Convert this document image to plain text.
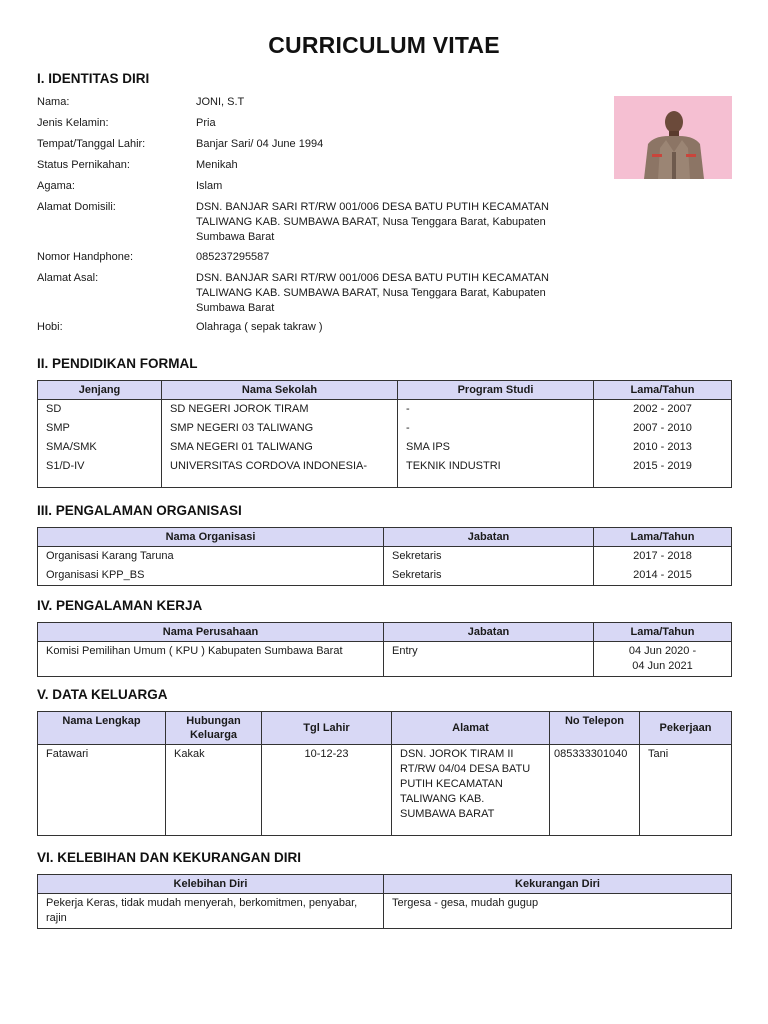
CURRICULUM VITAE
I. IDENTITAS DIRI
Nama:	JONI, S.T
Jenis Kelamin:	Pria
Tempat/Tanggal Lahir:	Banjar Sari/ 04 June 1994
Status Pernikahan:	Menikah
Agama:	Islam
Alamat Domisili:	DSN. BANJAR SARI RT/RW 001/006 DESA BATU PUTIH KECAMATAN TALIWANG KAB. SUMBAWA BARAT, Nusa Tenggara Barat, Kabupaten Sumbawa Barat
Nomor Handphone:	085237295587
Alamat Asal:	DSN. BANJAR SARI RT/RW 001/006 DESA BATU PUTIH KECAMATAN TALIWANG KAB. SUMBAWA BARAT, Nusa Tenggara Barat, Kabupaten Sumbawa Barat
Hobi:	Olahraga ( sepak takraw )
II. PENDIDIKAN FORMAL
Jenjang	Nama Sekolah	Program Studi	Lama/Tahun
SD	SD NEGERI JOROK TIRAM	-	2002 - 2007
SMP	SMP NEGERI 03 TALIWANG	-	2007 - 2010
SMA/SMK	SMA NEGERI 01 TALIWANG	SMA IPS	2010 - 2013
S1/D-IV	UNIVERSITAS CORDOVA INDONESIA-	TEKNIK INDUSTRI	2015 - 2019
III. PENGALAMAN ORGANISASI
Nama Organisasi	Jabatan	Lama/Tahun
Organisasi Karang Taruna	Sekretaris	2017 - 2018
Organisasi KPP_BS	Sekretaris	2014 - 2015
IV. PENGALAMAN KERJA
Nama Perusahaan	Jabatan	Lama/Tahun
Komisi Pemilihan Umum ( KPU ) Kabupaten Sumbawa Barat	Entry	04 Jun 2020 -
04 Jun 2021
V. DATA KELUARGA
Nama Lengkap	Hubungan Keluarga	Tgl Lahir	Alamat	No Telepon	Pekerjaan
Fatawari	Kakak	10-12-23	DSN. JOROK TIRAM II RT/RW 04/04 DESA BATU PUTIH KECAMATAN TALIWANG KAB. SUMBAWA BARAT	085333301040	Tani
VI. KELEBIHAN DAN KEKURANGAN DIRI
Kelebihan Diri	Kekurangan Diri
Pekerja Keras, tidak mudah menyerah, berkomitmen, penyabar, rajin	Tergesa - gesa, mudah gugup
